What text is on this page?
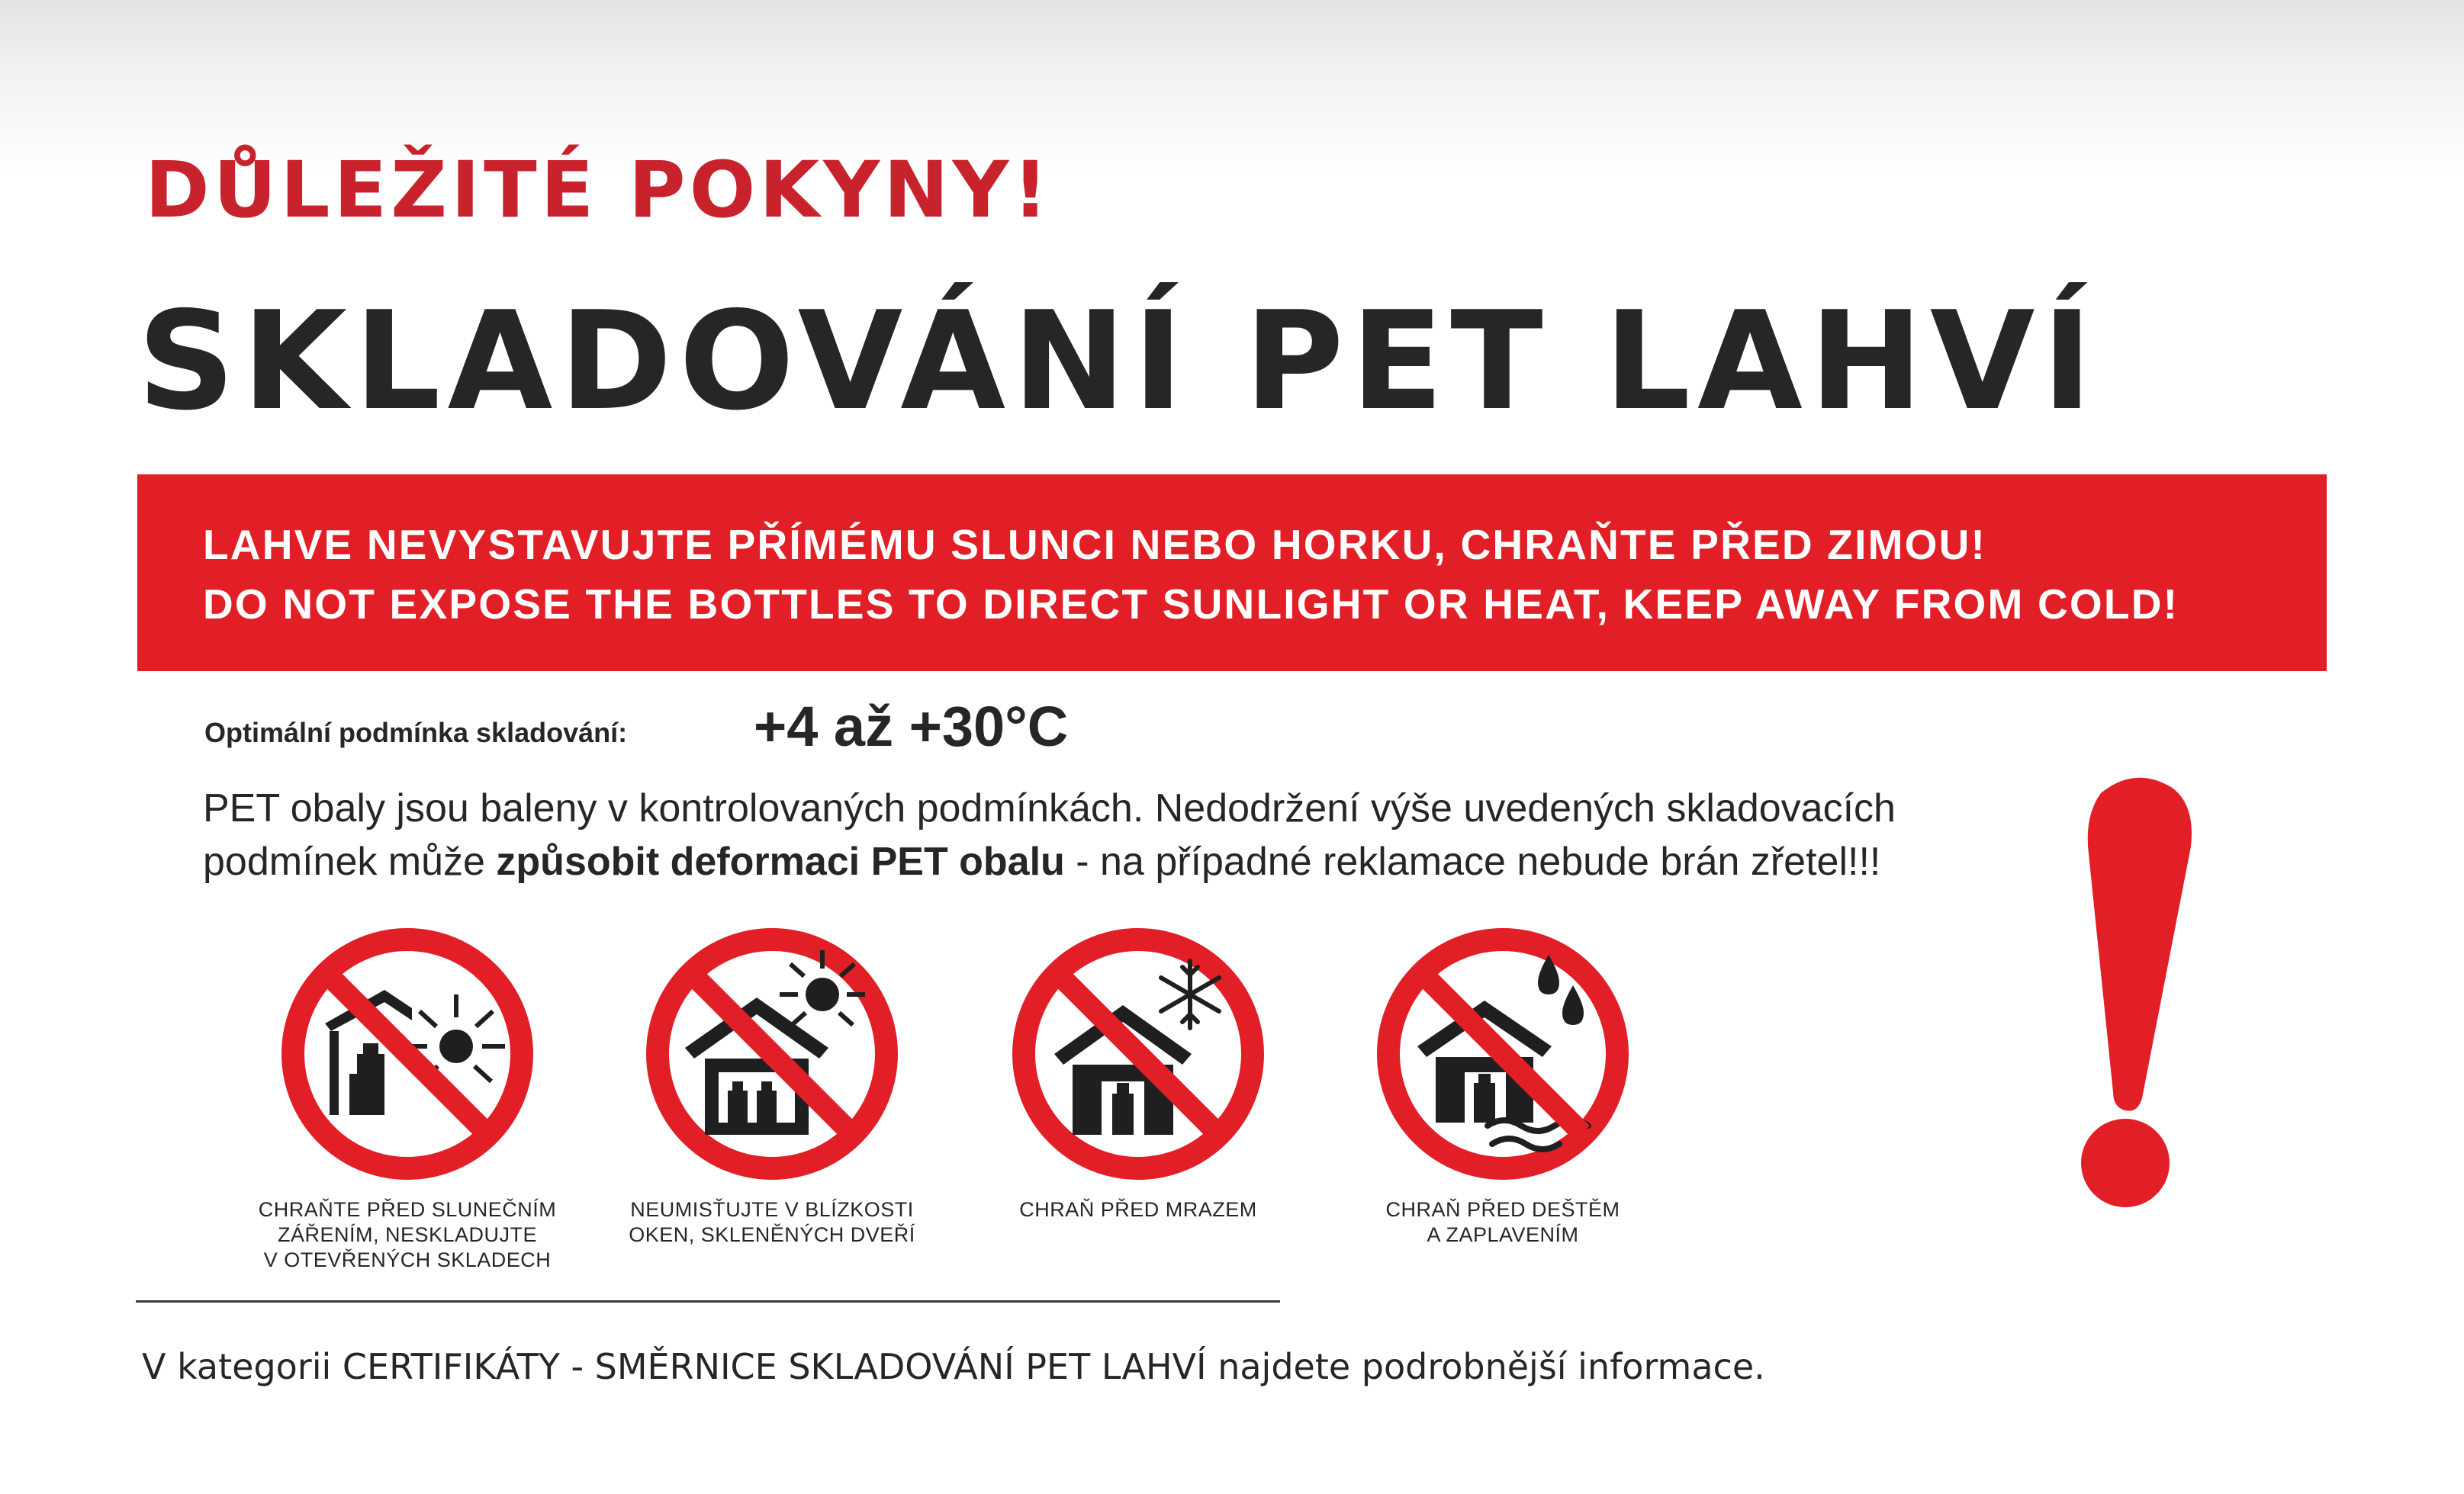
DŮLEŽITÉ POKYNY!
SKLADOVÁNÍ PET LAHVÍ
LAHVE NEVYSTAVUJTE PŘÍMÉMU SLUNCI NEBO HORKU, CHRAŇTE PŘED ZIMOU!
DO NOT EXPOSE THE BOTTLES TO DIRECT SUNLIGHT OR HEAT, KEEP AWAY FROM COLD!
Optimální podmínka skladování: +4 až +30°C
PET obaly jsou baleny v kontrolovaných podmínkách. Nedodržení výše uvedených skladovacích
podmínek může způsobit deformaci PET obalu - na případné reklamace nebude brán zřetel!!!
CHRAŇTE PŘED SLUNEČNÍM
ZÁŘENÍM, NESKLADUJTE
V OTEVŘENÝCH SKLADECH
NEUMISŤUJTE V BLÍZKOSTI
OKEN, SKLENĚNÝCH DVEŘÍ
CHRAŇ PŘED MRAZEM	CHRAŇ PŘED DEŠTĚM
A ZAPLAVENÍM
V kategorii CERTIFIKÁTY - SMĚRNICE SKLADOVÁNÍ PET LAHVÍ najdete podrobnější informace.
